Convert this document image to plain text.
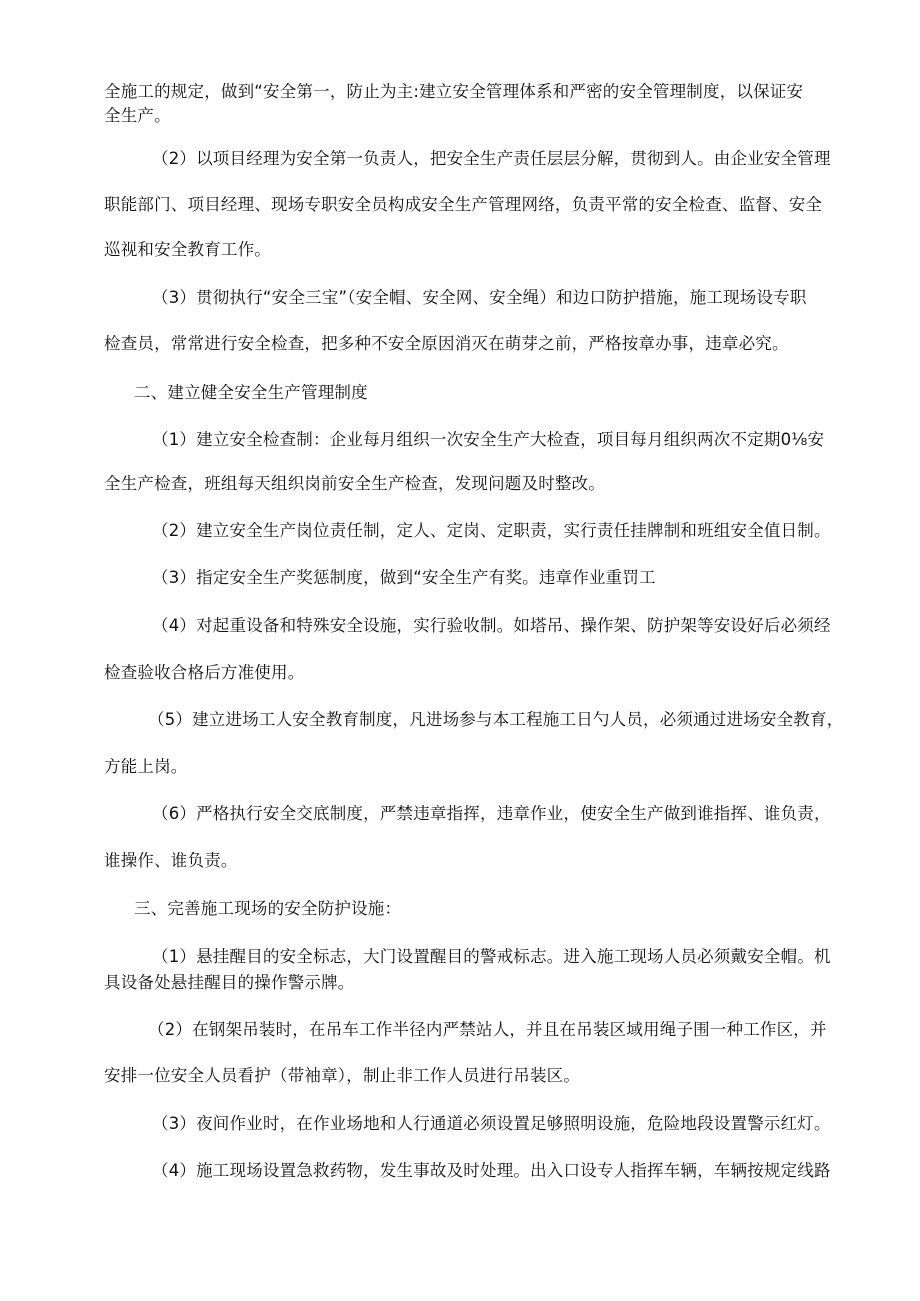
全施工的规定，做到“安全第一，防止为主:建立安全管理体系和严密的安全管理制度，以保证安
全生产。
（2）以项目经理为安全第一负责人，把安全生产责任层层分解，贯彻到人。由企业安全管理
职能部门、项目经理、现场专职安全员构成安全生产管理网络，负责平常的安全检查、监督、安全
巡视和安全教育工作。
（3）贯彻执行“安全三宝”（安全帽、安全网、安全绳）和边口防护措施，施工现场设专职
检查员，常常进行安全检查，把多种不安全原因消灭在萌芽之前，严格按章办事，违章必究。
二、建立健全安全生产管理制度
（1）建立安全检查制：企业每月组织一次安全生产大检查，项目每月组织两次不定期0⅛安
全生产检查，班组每天组织岗前安全生产检查，发现问题及时整改。
（2）建立安全生产岗位责任制，定人、定岗、定职责，实行责任挂牌制和班组安全值日制。
（3）指定安全生产奖惩制度，做到“安全生产有奖。违章作业重罚工
（4）对起重设备和特殊安全设施，实行验收制。如塔吊、操作架、防护架等安设好后必须经
检查验收合格后方准使用。
（5）建立进场工人安全教育制度，凡进场参与本工程施工日勺人员，必须通过进场安全教育，
方能上岗。
（6）严格执行安全交底制度，严禁违章指挥，违章作业，使安全生产做到谁指挥、谁负责，
谁操作、谁负责。
三、完善施工现场的安全防护设施：
（1）悬挂醒目的安全标志，大门设置醒目的警戒标志。进入施工现场人员必须戴安全帽。机
具设备处悬挂醒目的操作警示牌。
（2）在钢架吊装时，在吊车工作半径内严禁站人，并且在吊装区域用绳子围一种工作区，并
安排一位安全人员看护（带袖章），制止非工作人员进行吊装区。
（3）夜间作业时，在作业场地和人行通道必须设置足够照明设施，危险地段设置警示红灯。
（4）施工现场设置急救药物，发生事故及时处理。出入口设专人指挥车辆，车辆按规定线路
